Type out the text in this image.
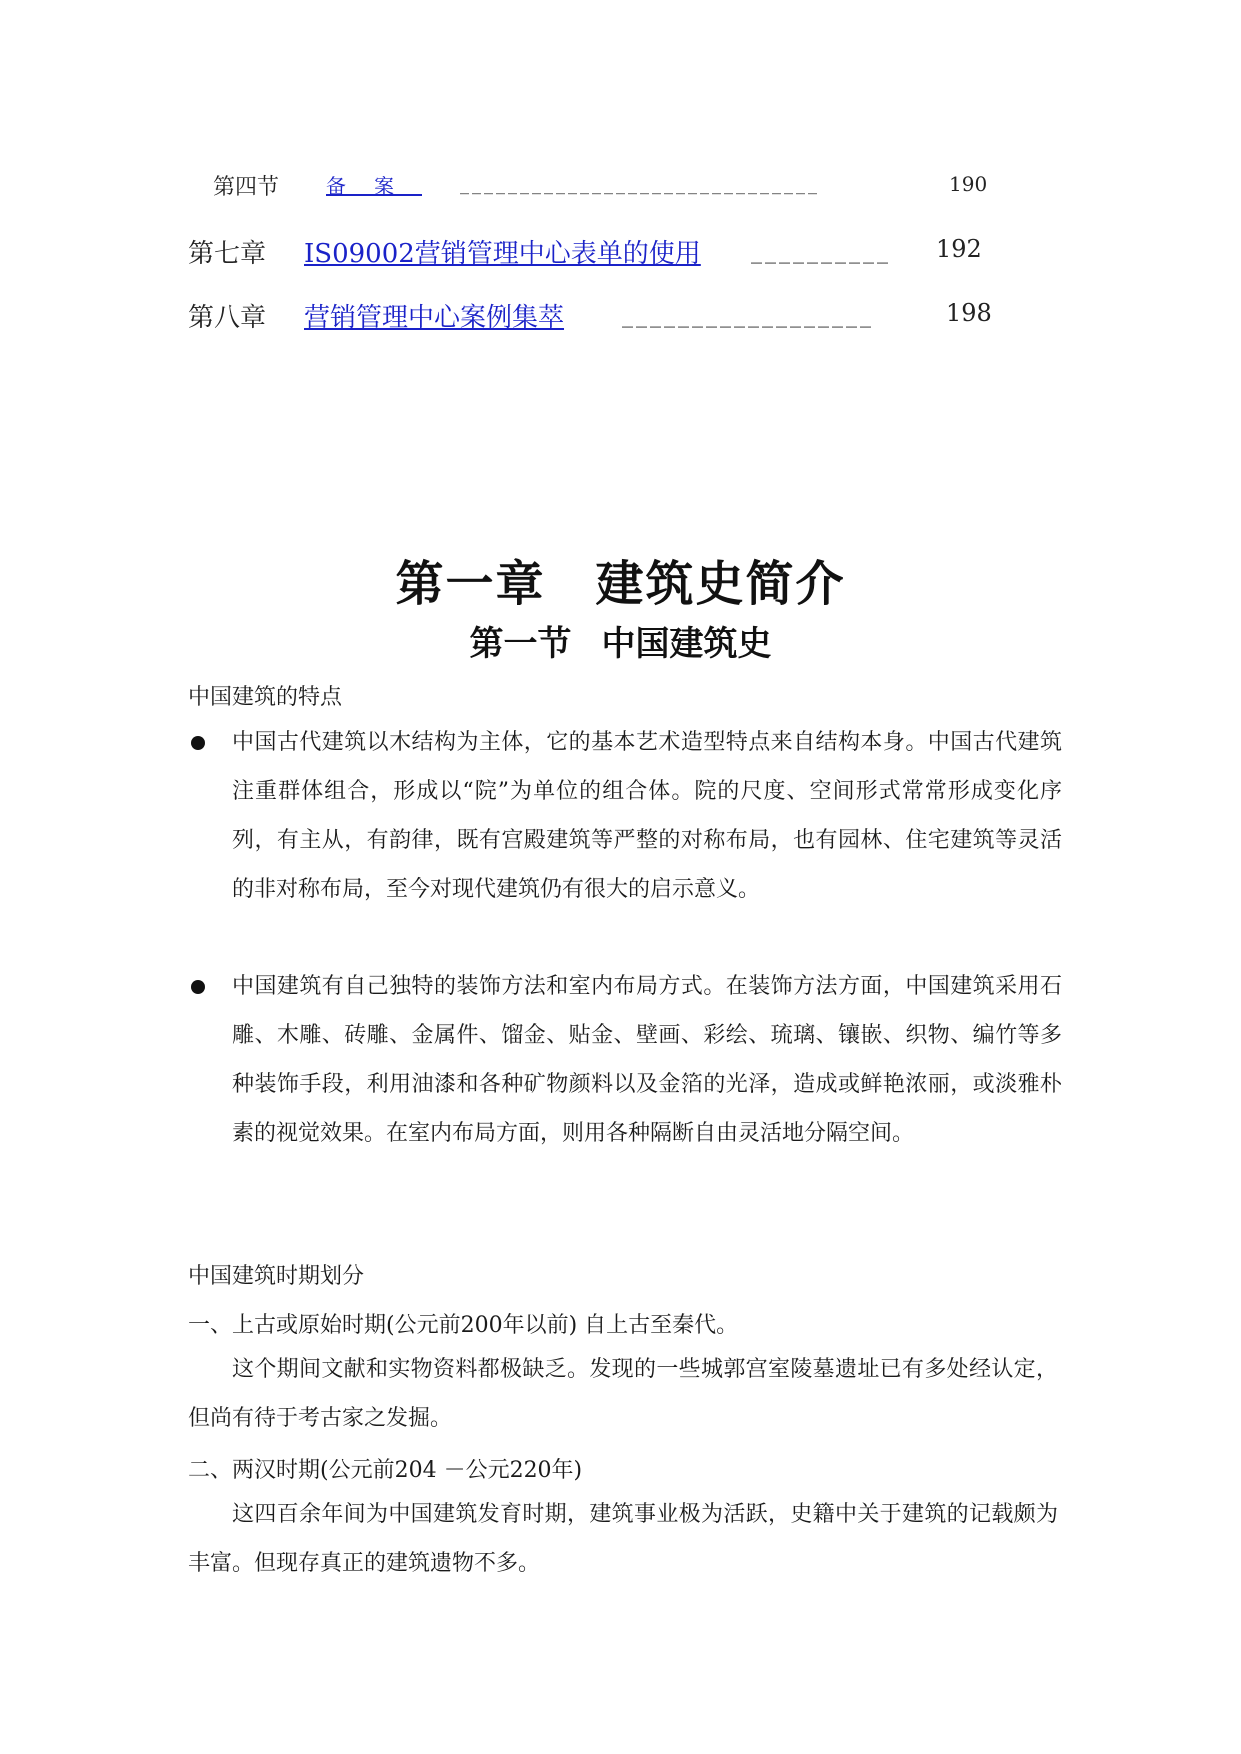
第四节 备案 ______________________________	190
第七章 IS09002营销管理中心表单的使用 __________	192
第八章 营销管理中心案例集萃	__________________	198
第一章 建筑史简介
第一节 中国建筑史
中国建筑的特点
中国古代建筑以木结构为主体，它的基本艺术造型特点来自结构本身。中国古代建筑注重群体组合，形成以“院”为单位的组合体。院的尺度、空间形式常常形成变化序列，有主从，有韵律，既有宫殿建筑等严整的对称布局，也有园林、住宅建筑等灵活的非对称布局，至今对现代建筑仍有很大的启示意义。
中国建筑有自己独特的装饰方法和室内布局方式。在装饰方法方面，中国建筑采用石雕、木雕、砖雕、金属件、馏金、贴金、壁画、彩绘、琉璃、镶嵌、织物、编竹等多种装饰手段，利用油漆和各种矿物颜料以及金箔的光泽，造成或鲜艳浓丽，或淡雅朴素的视觉效果。在室内布局方面，则用各种隔断自由灵活地分隔空间。
中国建筑时期划分
一、上古或原始时期(公元前200年以前) 自上古至秦代。
这个期间文献和实物资料都极缺乏。发现的一些城郭宫室陵墓遗址已有多处经认定，但尚有待于考古家之发掘。
二、两汉时期(公元前204 －公元220年)
这四百余年间为中国建筑发育时期，建筑事业极为活跃，史籍中关于建筑的记载颇为丰富。但现存真正的建筑遗物不多。
